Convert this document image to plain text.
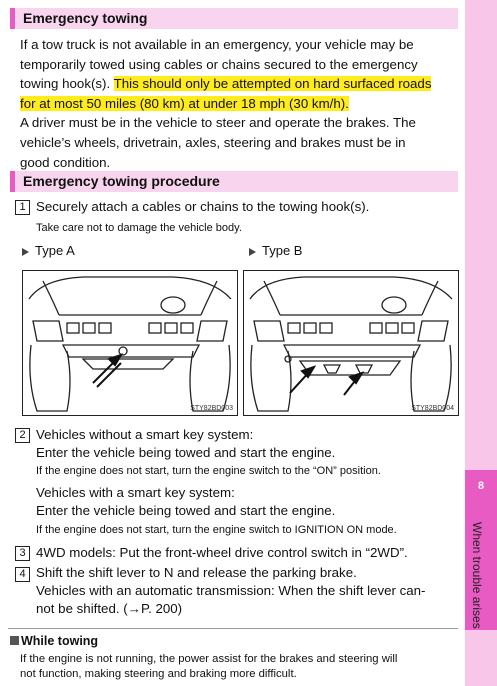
8
When trouble arises
Emergency towing
If a tow truck is not available in an emergency, your vehicle may be
temporarily towed using cables or chains secured to the emergency
towing hook(s). This should only be attempted on hard surfaced roads
for at most 50 miles (80 km) at under 18 mph (30 km/h).
A driver must be in the vehicle to steer and operate the brakes. The
vehicle’s wheels, drivetrain, axles, steering and brakes must be in
good condition.
Emergency towing procedure
1 Securely attach a cables or chains to the towing hook(s).
Take care not to damage the vehicle body.
Type A	Type B
STY82BD003	STY82BD004
2 Vehicles without a smart key system:
Enter the vehicle being towed and start the engine.
If the engine does not start, turn the engine switch to the “ON” position.
Vehicles with a smart key system:
Enter the vehicle being towed and start the engine.
If the engine does not start, turn the engine switch to IGNITION ON mode.
3 4WD models: Put the front-wheel drive control switch in “2WD”.
4 Shift the shift lever to N and release the parking brake.
Vehicles with an automatic transmission: When the shift lever can-
not be shifted. (→P. 200)
While towing
If the engine is not running, the power assist for the brakes and steering will
not function, making steering and braking more difficult.
